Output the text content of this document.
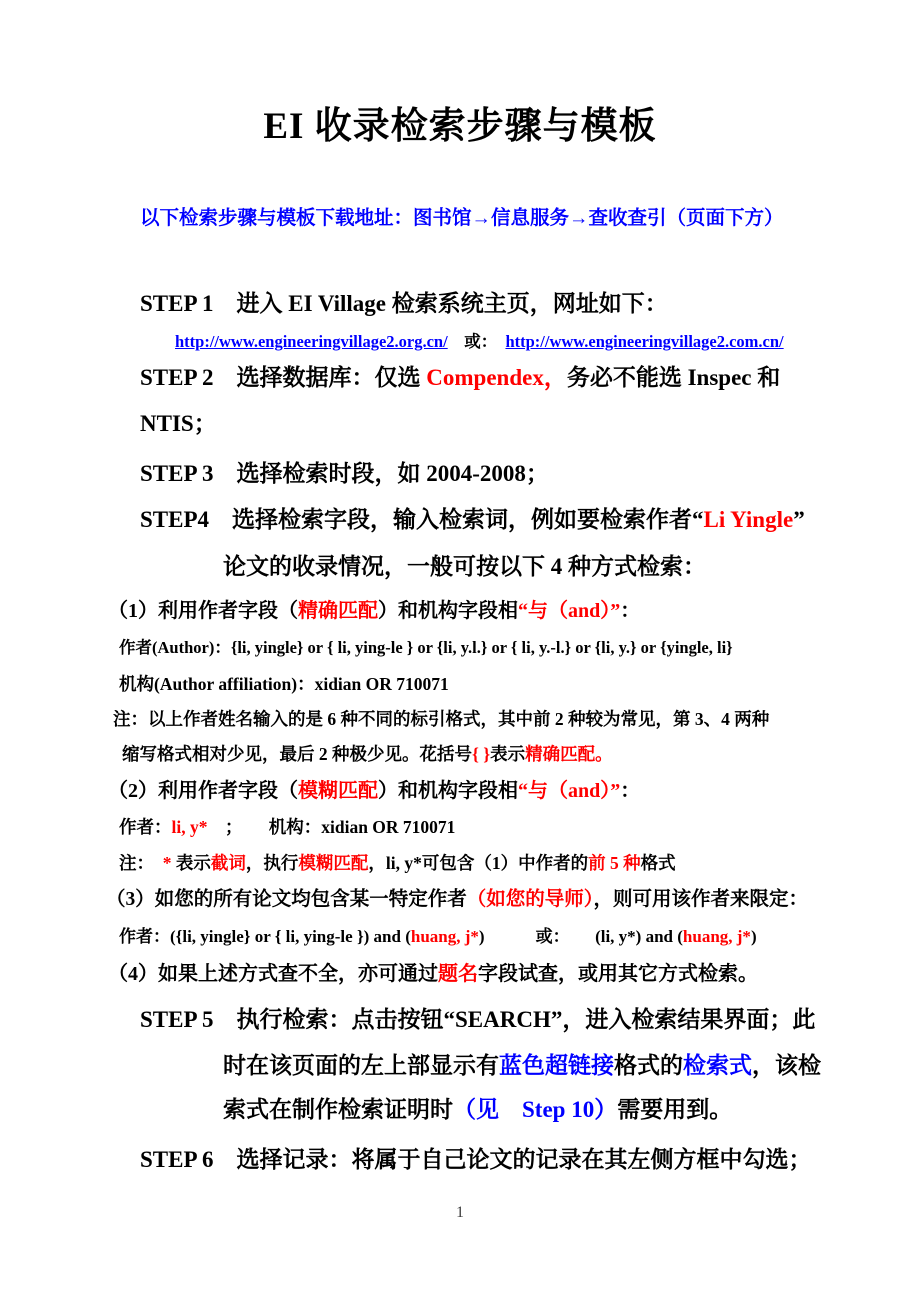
EI 收录检索步骤与模板
以下检索步骤与模板下载地址：图书馆→信息服务→查收查引（页面下方）
STEP 1　进入 EI Village 检索系统主页，网址如下：
http://www.engineeringvillage2.org.cn/　或：　http://www.engineeringvillage2.com.cn/
STEP 2　选择数据库：仅选 Compendex，务必不能选 Inspec 和
NTIS；
STEP 3　选择检索时段，如 2004-2008；
STEP4　选择检索字段，输入检索词，例如要检索作者“Li Yingle”
论文的收录情况，一般可按以下 4 种方式检索：
（1）利用作者字段（精确匹配）和机构字段相“与（and）”：
作者(Author)：{li, yingle} or { li, ying-le } or {li, y.l.} or { li, y.-l.} or {li, y.} or {yingle, li}
机构(Author affiliation)：xidian OR 710071
注：以上作者姓名输入的是 6 种不同的标引格式，其中前 2 种较为常见，第 3、4 两种
缩写格式相对少见，最后 2 种极少见。花括号{ }表示精确匹配。
（2）利用作者字段（模糊匹配）和机构字段相“与（and）”：
作者：li, y*　；　　机构：xidian OR 710071
注：　* 表示截词，执行模糊匹配，li, y*可包含（1）中作者的前 5 种格式
（3）如您的所有论文均包含某一特定作者（如您的导师），则可用该作者来限定：
作者：({li, yingle} or { li, ying-le }) and (huang, j*)　　　或：　　(li, y*) and (huang, j*)
（4）如果上述方式查不全，亦可通过题名字段试查，或用其它方式检索。
STEP 5　执行检索：点击按钮“SEARCH”，进入检索结果界面；此
时在该页面的左上部显示有蓝色超链接格式的检索式，该检
索式在制作检索证明时（见　Step 10）需要用到。
STEP 6　选择记录：将属于自己论文的记录在其左侧方框中勾选；
1
